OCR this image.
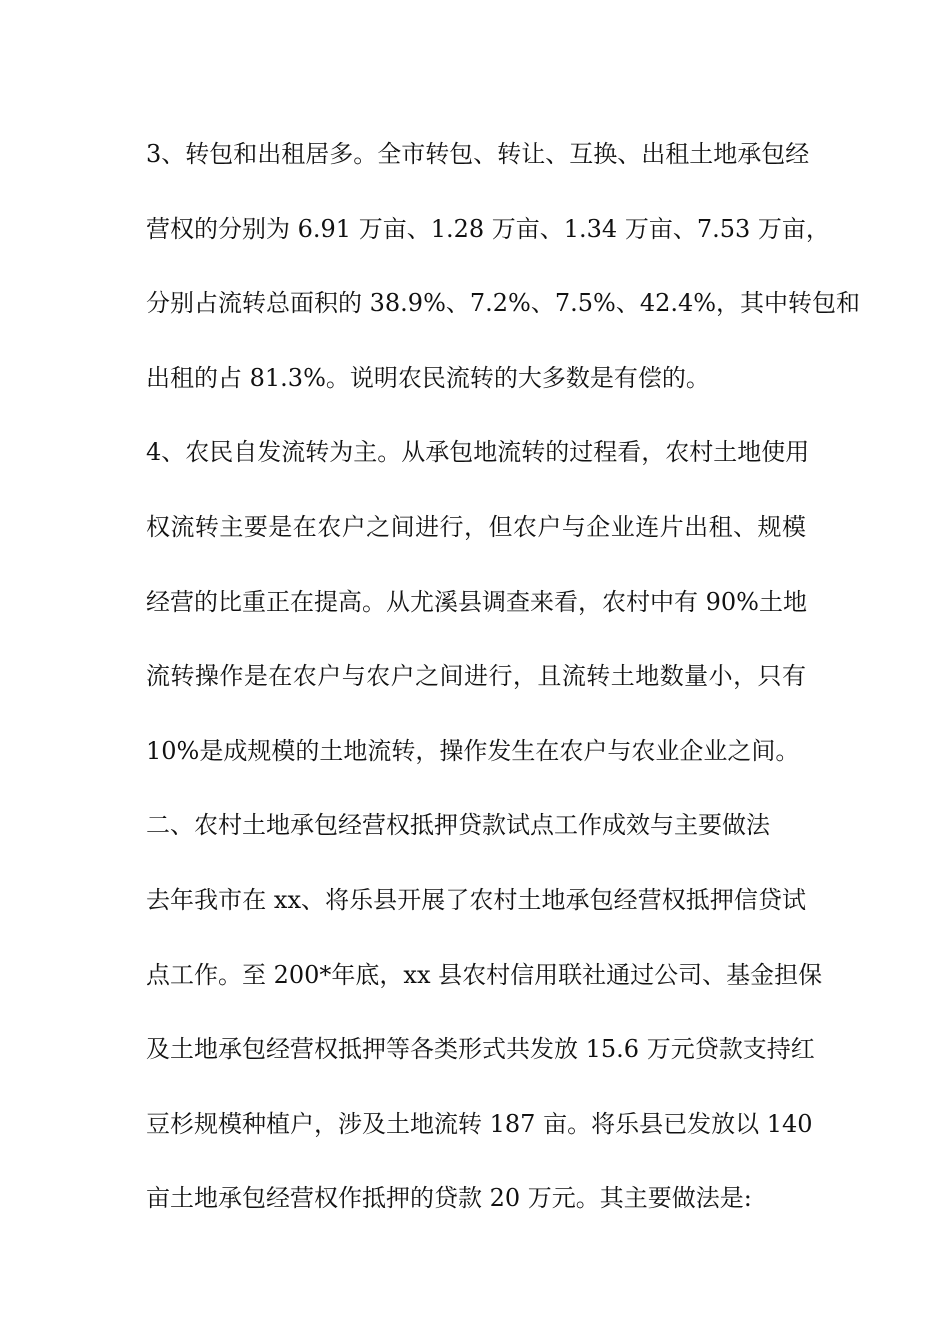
3、转包和出租居多。全市转包、转让、互换、出租土地承包经
营权的分别为 6.91 万亩、1.28 万亩、1.34 万亩、7.53 万亩，
分别占流转总面积的 38.9%、7.2%、7.5%、42.4%，其中转包和
出租的占 81.3%。说明农民流转的大多数是有偿的。
4、农民自发流转为主。从承包地流转的过程看，农村土地使用
权流转主要是在农户之间进行，但农户与企业连片出租、规模
经营的比重正在提高。从尤溪县调查来看，农村中有 90%土地
流转操作是在农户与农户之间进行，且流转土地数量小，只有
10%是成规模的土地流转，操作发生在农户与农业企业之间。
二、农村土地承包经营权抵押贷款试点工作成效与主要做法
去年我市在 xx、将乐县开展了农村土地承包经营权抵押信贷试
点工作。至 200*年底，xx 县农村信用联社通过公司、基金担保
及土地承包经营权抵押等各类形式共发放 15.6 万元贷款支持红
豆杉规模种植户，涉及土地流转 187 亩。将乐县已发放以 140
亩土地承包经营权作抵押的贷款 20 万元。其主要做法是:
